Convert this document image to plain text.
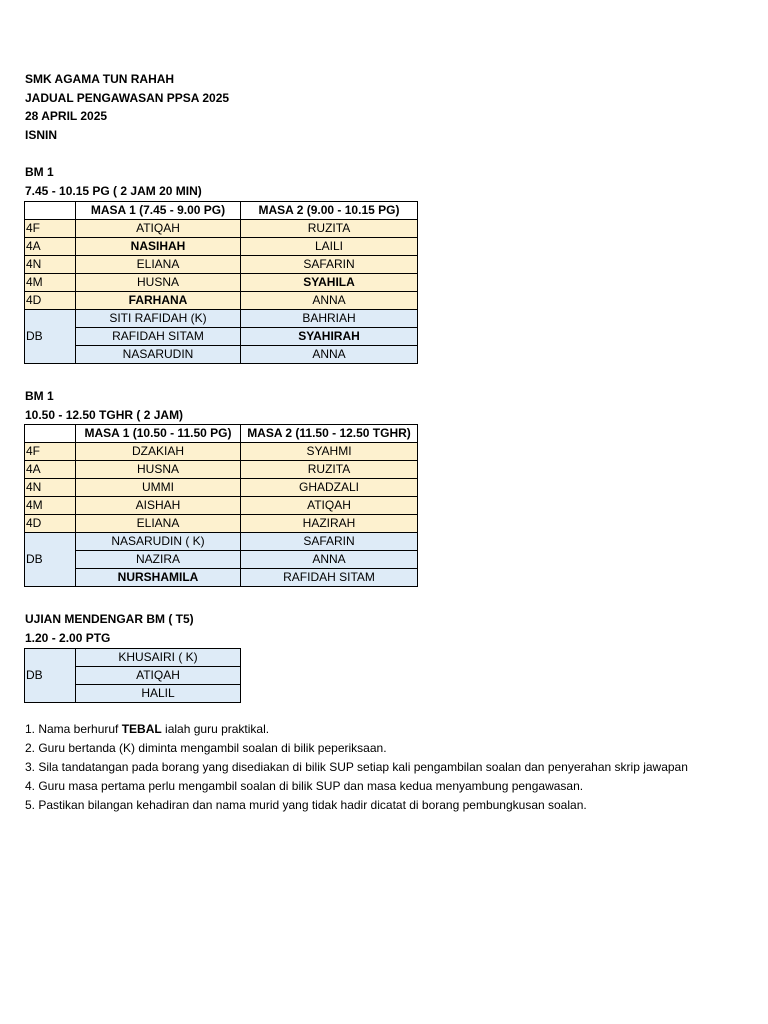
SMK AGAMA TUN RAHAH
JADUAL PENGAWASAN PPSA 2025
28 APRIL 2025
ISNIN
BM 1
7.45 - 10.15 PG ( 2 JAM 20 MIN)
	MASA 1 (7.45 - 9.00 PG)	MASA 2 (9.00 - 10.15 PG)
4F	ATIQAH	RUZITA
4A	NASIHAH	LAILI
4N	ELIANA	SAFARIN
4M	HUSNA	SYAHILA
4D	FARHANA	ANNA
DB	SITI RAFIDAH (K)	BAHRIAH
	RAFIDAH SITAM	SYAHIRAH
	NASARUDIN	ANNA
BM 1
10.50 - 12.50 TGHR ( 2 JAM)
	MASA 1 (10.50 - 11.50 PG)	MASA 2 (11.50 - 12.50 TGHR)
4F	DZAKIAH	SYAHMI
4A	HUSNA	RUZITA
4N	UMMI	GHADZALI
4M	AISHAH	ATIQAH
4D	ELIANA	HAZIRAH
DB	NASARUDIN ( K)	SAFARIN
	NAZIRA	ANNA
	NURSHAMILA	RAFIDAH SITAM
UJIAN MENDENGAR BM ( T5)
1.20 - 2.00 PTG
DB	KHUSAIRI ( K)
ATIQAH
HALIL
1. Nama berhuruf TEBAL ialah guru praktikal.
2. Guru bertanda (K) diminta mengambil soalan di bilik peperiksaan.
3. Sila tandatangan pada borang yang disediakan di bilik SUP setiap kali pengambilan soalan dan penyerahan skrip jawapan
4. Guru masa pertama perlu mengambil soalan di bilik SUP dan masa kedua menyambung pengawasan.
5. Pastikan bilangan kehadiran dan nama murid yang tidak hadir dicatat di borang pembungkusan soalan.
